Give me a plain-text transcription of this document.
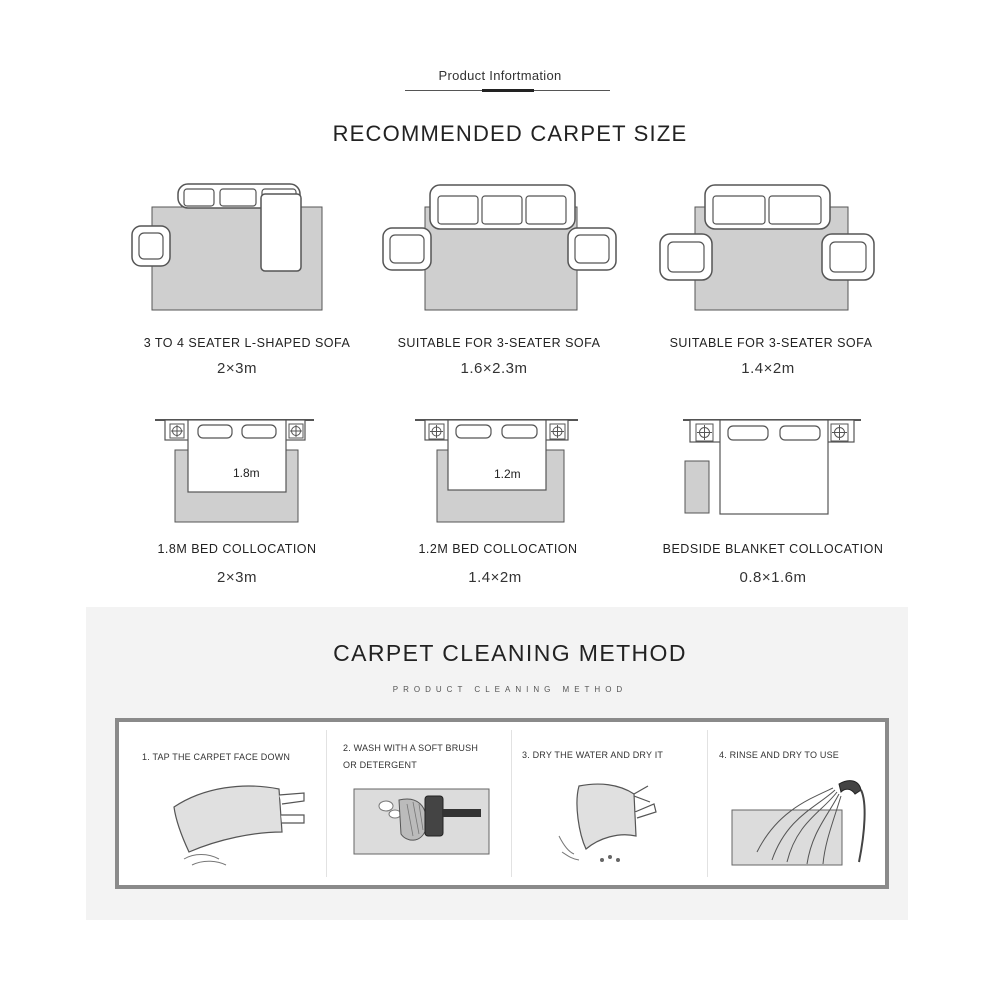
Product Infortmation
RECOMMENDED CARPET SIZE
3 TO 4 SEATER L-SHAPED SOFA
2×3m
SUITABLE FOR 3-SEATER SOFA
1.6×2.3m
SUITABLE FOR 3-SEATER SOFA
1.4×2m
1.8m	1.2m
1.8M BED COLLOCATION
2×3m
1.2M BED COLLOCATION
1.4×2m
BEDSIDE BLANKET COLLOCATION
0.8×1.6m
CARPET CLEANING METHOD
PRODUCT CLEANING METHOD
1. TAP THE CARPET FACE DOWN
2. WASH WITH A SOFT BRUSH
OR DETERGENT
3. DRY THE WATER AND DRY IT	4. RINSE AND DRY TO USE
